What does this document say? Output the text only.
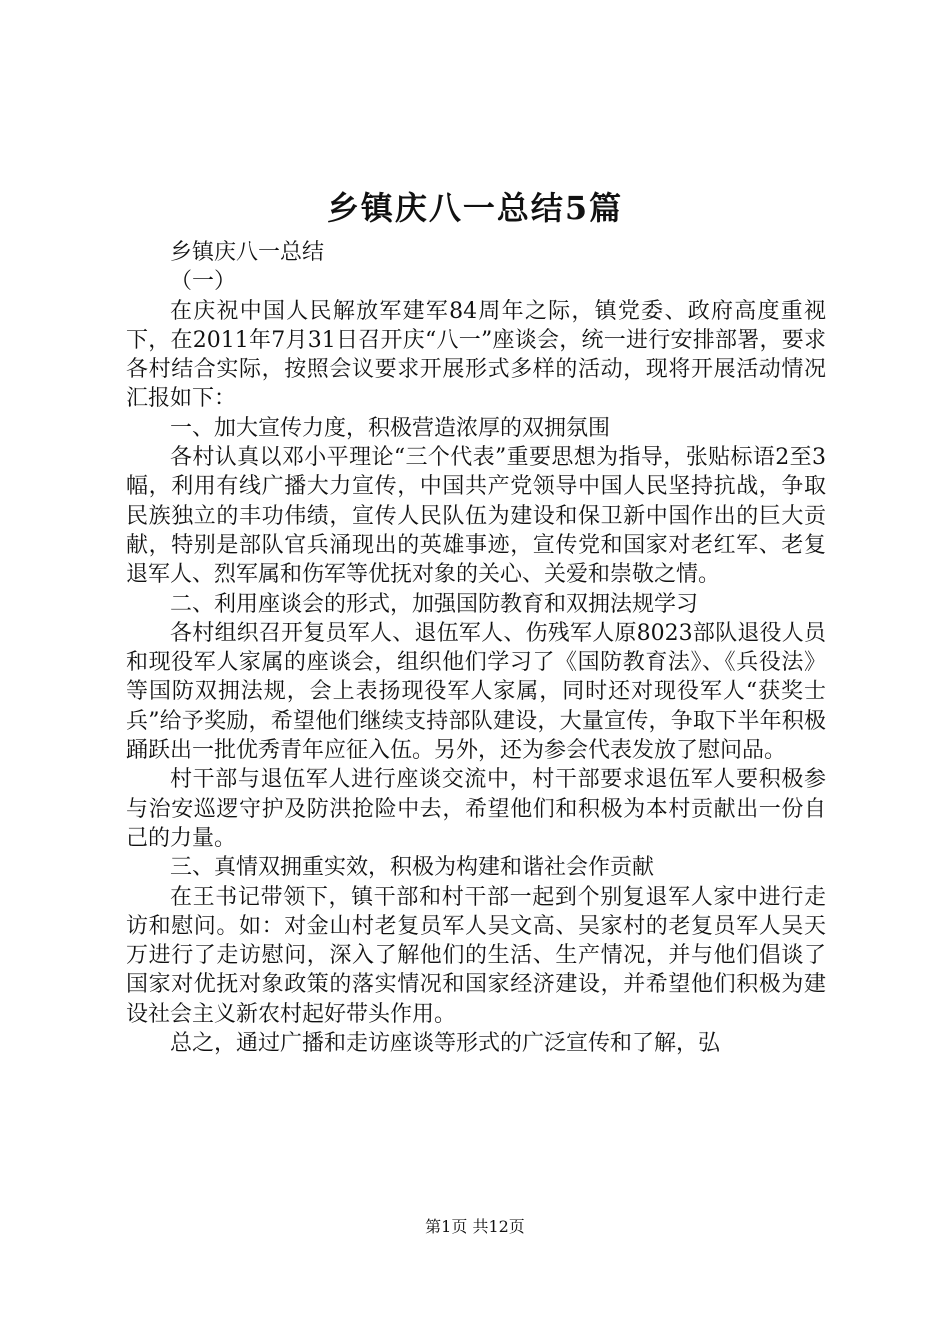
乡镇庆八一总结5篇

乡镇庆八一总结

（一）

在庆祝中国人民解放军建军84周年之际，镇党委、政府高度重视下，在2011年7月31日召开庆“八一”座谈会，统一进行安排部署，要求各村结合实际，按照会议要求开展形式多样的活动，现将开展活动情况汇报如下：

一、加大宣传力度，积极营造浓厚的双拥氛围

各村认真以邓小平理论“三个代表”重要思想为指导，张贴标语2至3幅，利用有线广播大力宣传，中国共产党领导中国人民坚持抗战，争取民族独立的丰功伟绩，宣传人民队伍为建设和保卫新中国作出的巨大贡献，特别是部队官兵涌现出的英雄事迹，宣传党和国家对老红军、老复退军人、烈军属和伤军等优抚对象的关心、关爱和崇敬之情。

二、利用座谈会的形式，加强国防教育和双拥法规学习

各村组织召开复员军人、退伍军人、伤残军人原8023部队退役人员和现役军人家属的座谈会，组织他们学习了《国防教育法》、《兵役法》等国防双拥法规，会上表扬现役军人家属，同时还对现役军人“获奖士兵”给予奖励，希望他们继续支持部队建设，大量宣传，争取下半年积极踊跃出一批优秀青年应征入伍。另外，还为参会代表发放了慰问品。

村干部与退伍军人进行座谈交流中，村干部要求退伍军人要积极参与治安巡逻守护及防洪抢险中去，希望他们和积极为本村贡献出一份自己的力量。

三、真情双拥重实效，积极为构建和谐社会作贡献

在王书记带领下，镇干部和村干部一起到个别复退军人家中进行走访和慰问。如：对金山村老复员军人吴文高、吴家村的老复员军人吴天万进行了走访慰问，深入了解他们的生活、生产情况，并与他们倡谈了国家对优抚对象政策的落实情况和国家经济建设，并希望他们积极为建设社会主义新农村起好带头作用。

总之，通过广播和走访座谈等形式的广泛宣传和了解，弘

第1页 共12页
